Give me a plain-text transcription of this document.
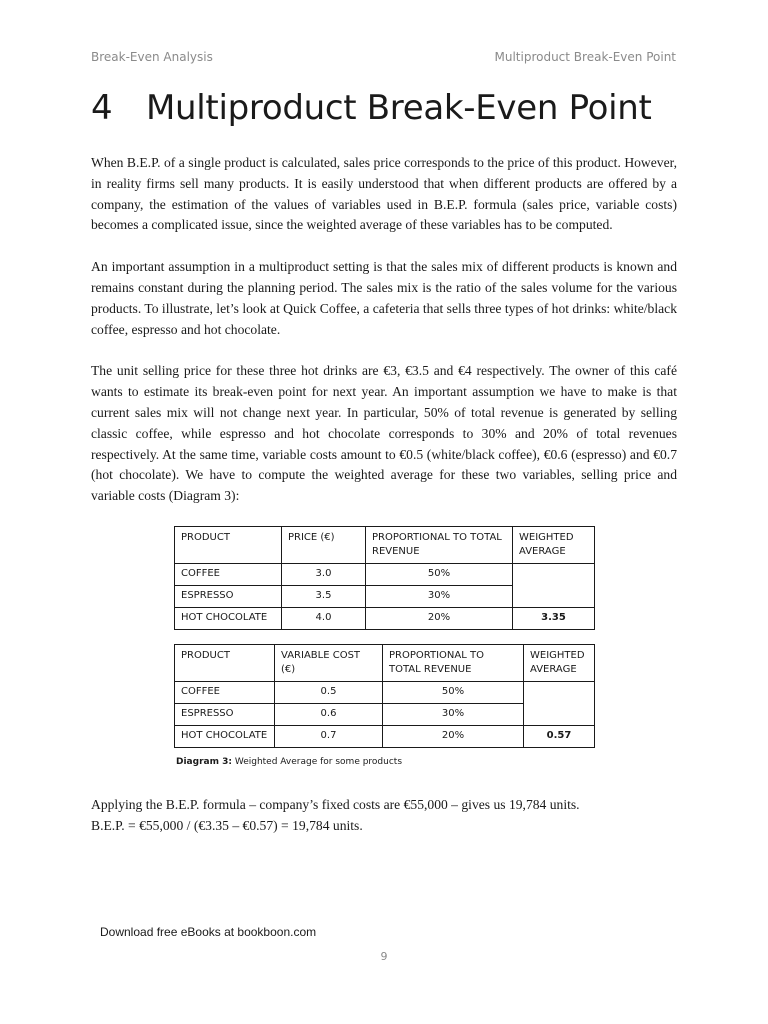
Break-Even Analysis	Multiproduct Break-Even Point
4 Multiproduct Break-Even Point

When B.E.P. of a single product is calculated, sales price corresponds to the price of this product. However, in reality firms sell many products. It is easily understood that when different products are offered by a company, the estimation of the values of variables used in B.E.P. formula (sales price, variable costs) becomes a complicated issue, since the weighted average of these variables has to be computed.

An important assumption in a multiproduct setting is that the sales mix of different products is known and remains constant during the planning period. The sales mix is the ratio of the sales volume for the various products. To illustrate, let’s look at Quick Coffee, a cafeteria that sells three types of hot drinks: white/black coffee, espresso and hot chocolate.

The unit selling price for these three hot drinks are €3, €3.5 and €4 respectively. The owner of this café wants to estimate its break-even point for next year. An important assumption we have to make is that current sales mix will not change next year. In particular, 50% of total revenue is generated by selling classic coffee, while espresso and hot chocolate corresponds to 30% and 20% of total revenues respectively. At the same time, variable costs amount to €0.5 (white/black coffee), €0.6 (espresso) and €0.7 (hot chocolate). We have to compute the weighted average for these two variables, selling price and variable costs (Diagram 3):

PRODUCT	PRICE (€)	PROPORTIONAL TO TOTAL REVENUE	WEIGHTED AVERAGE
COFFEE	3.0	50%	
ESPRESSO	3.5	30%	
HOT CHOCOLATE	4.0	20%	3.35
PRODUCT	VARIABLE COST (€)	PROPORTIONAL TO TOTAL REVENUE	WEIGHTED AVERAGE
COFFEE	0.5	50%	
ESPRESSO	0.6	30%	
HOT CHOCOLATE	0.7	20%	0.57
Diagram 3: Weighted Average for some products

Applying the B.E.P. formula – company’s fixed costs are €55,000 – gives us 19,784 units.

B.E.P. = €55,000 / (€3.35 – €0.57) = 19,784 units.

Download free eBooks at bookboon.com
9
